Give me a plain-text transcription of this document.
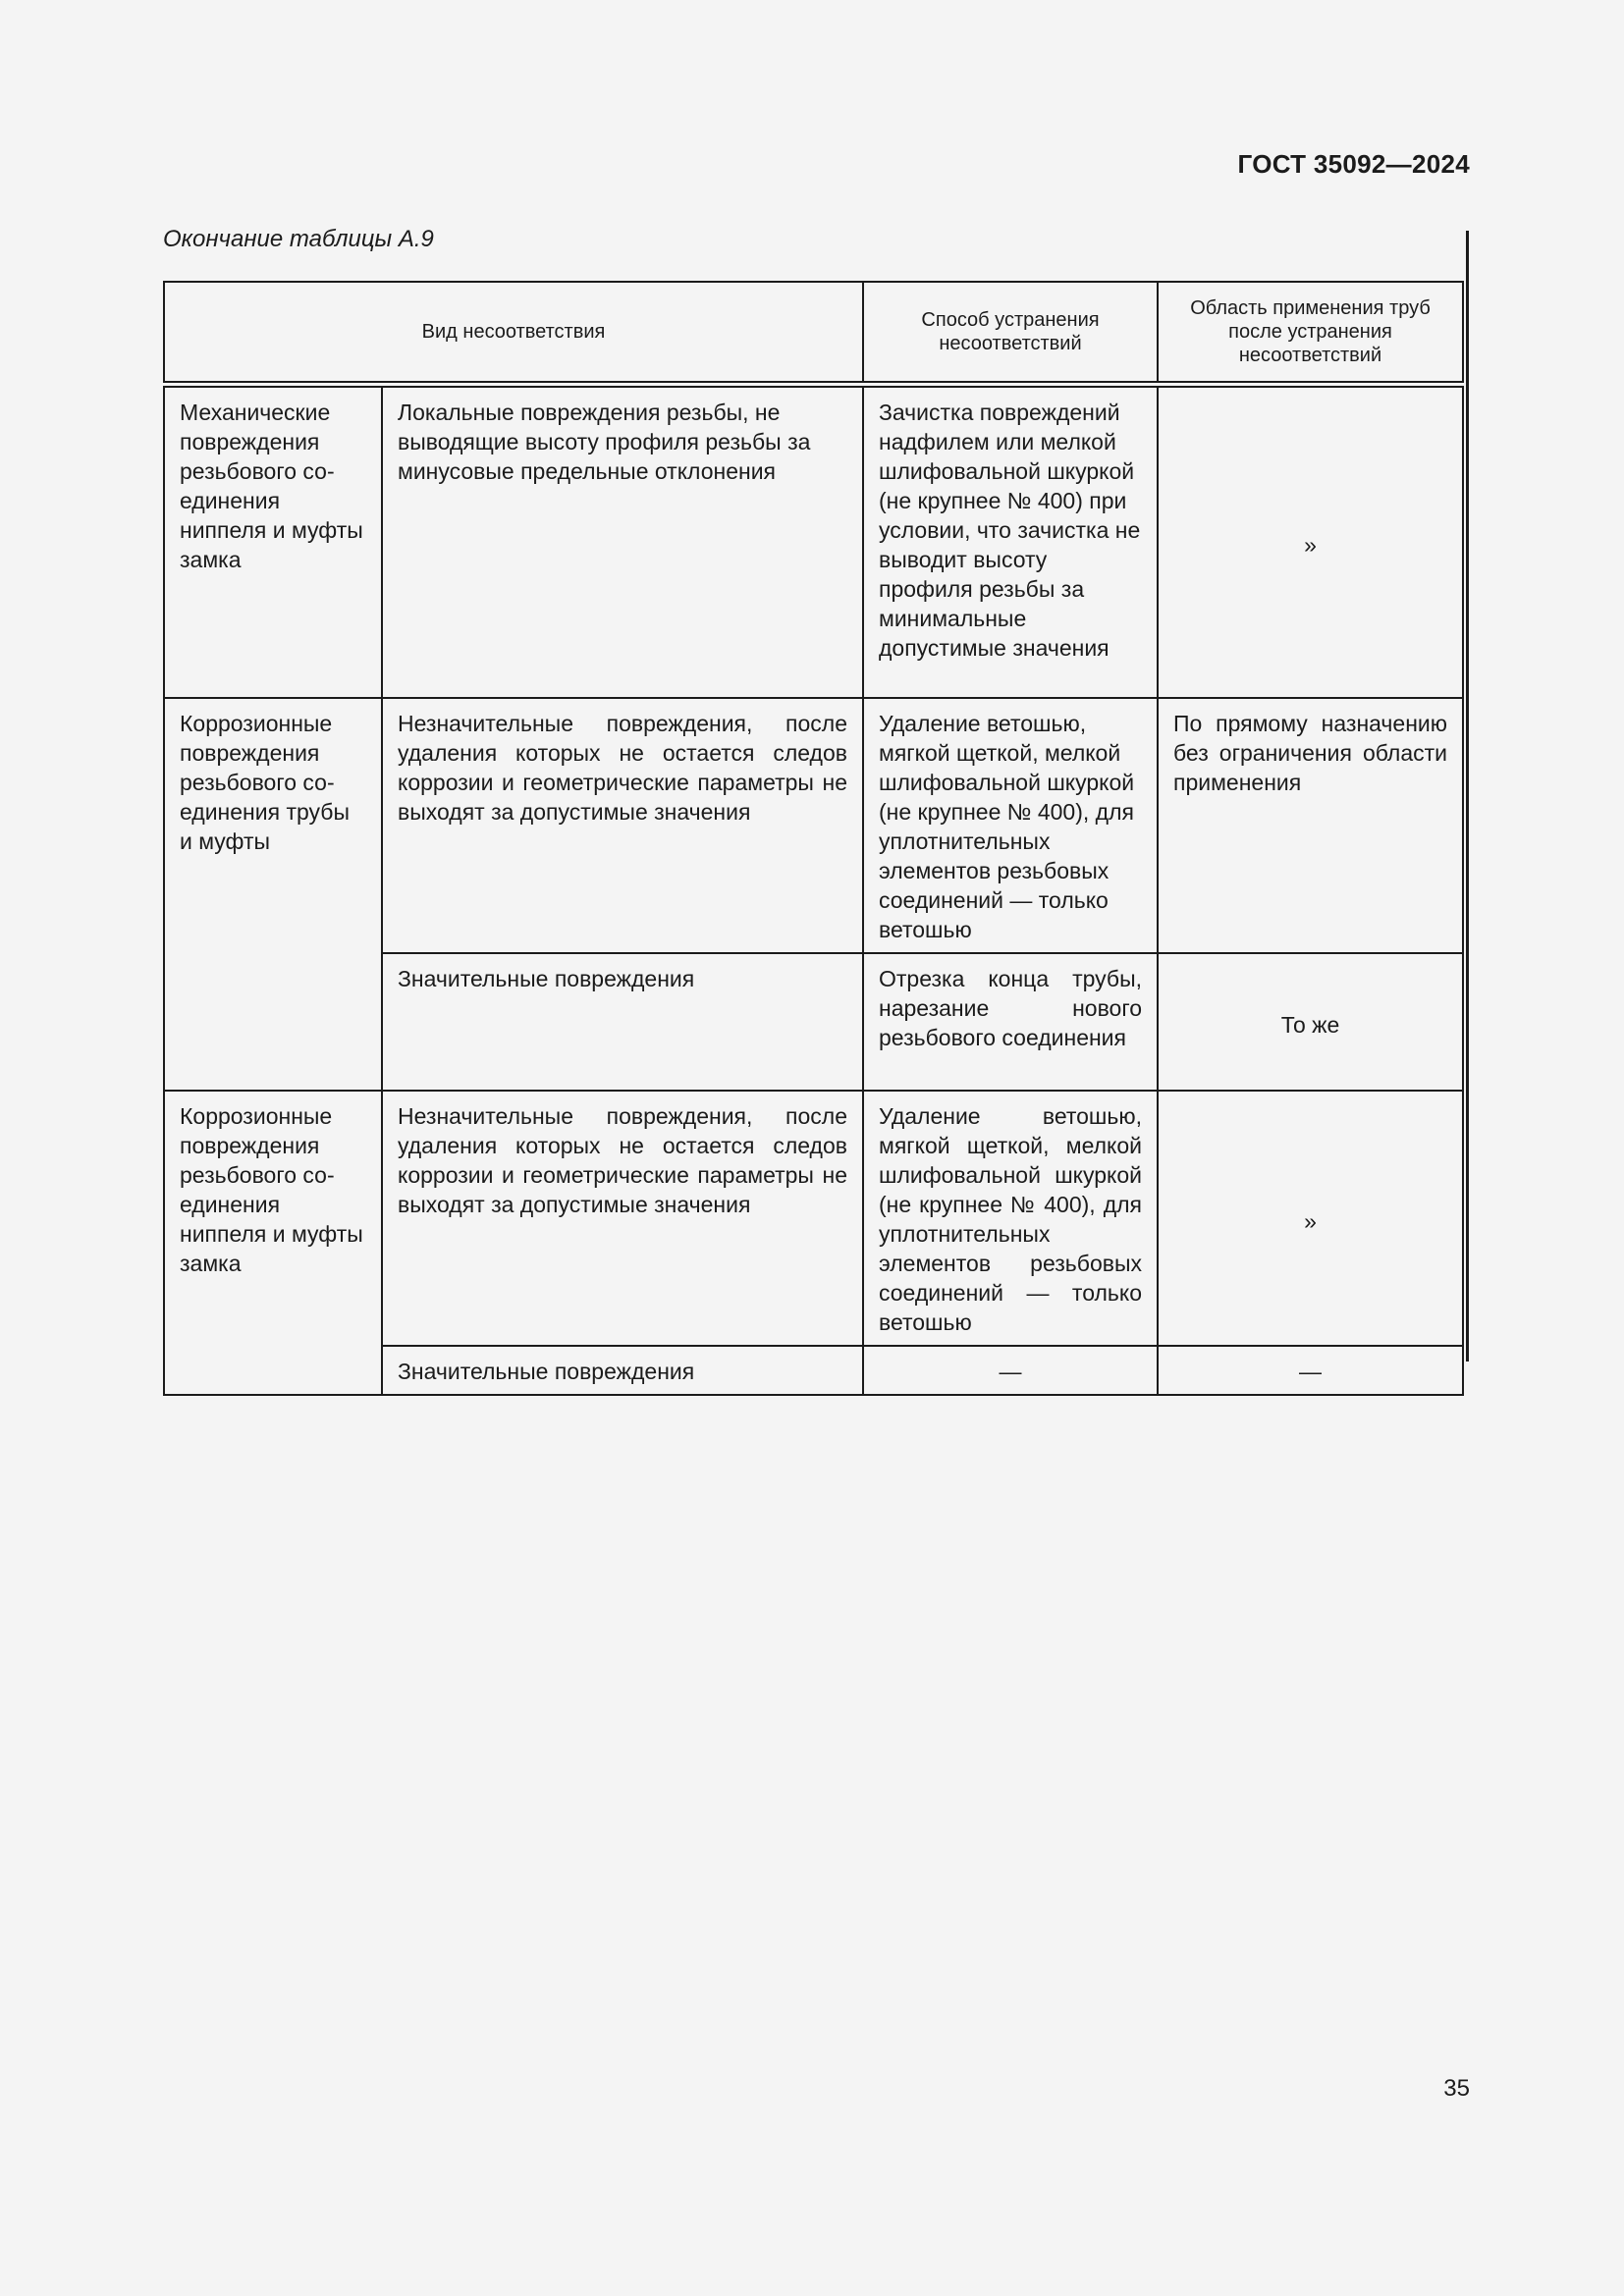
ГОСТ 35092—2024
Окончание таблицы А.9
Вид несоответствия		Способ устранения несоответствий	Область применения труб после устранения несоответствий
Механические повреждения резьбового со-единения ниппеля и муфты замка	Локальные повреждения резьбы, не выводящие высоту профиля резьбы за минусовые предельные отклонения	Зачистка повреждений надфилем или мелкой шлифовальной шкуркой (не крупнее № 400) при условии, что зачистка не выводит высоту профиля резьбы за минимальные допустимые значения	»
Коррозионные повреждения резьбового со-единения трубы и муфты	Незначительные повреждения, после удаления которых не остается следов коррозии и геометрические параметры не выходят за допустимые значения	Удаление ветошью, мягкой щеткой, мелкой шлифовальной шкуркой (не крупнее № 400), для уплотнительных элементов резьбовых соединений — только ветошью	По прямому назначению без ограничения области применения
	Значительные повреждения	Отрезка конца трубы, нарезание нового резьбового соединения	То же
Коррозионные повреждения резьбового со-единения ниппеля и муфты замка	Незначительные повреждения, после удаления которых не остается следов коррозии и геометрические параметры не выходят за допустимые значения	Удаление ветошью, мягкой щеткой, мелкой шлифовальной шкуркой (не крупнее № 400), для уплотнительных элементов резьбовых соединений — только ветошью	»
	Значительные повреждения	—	—
35
